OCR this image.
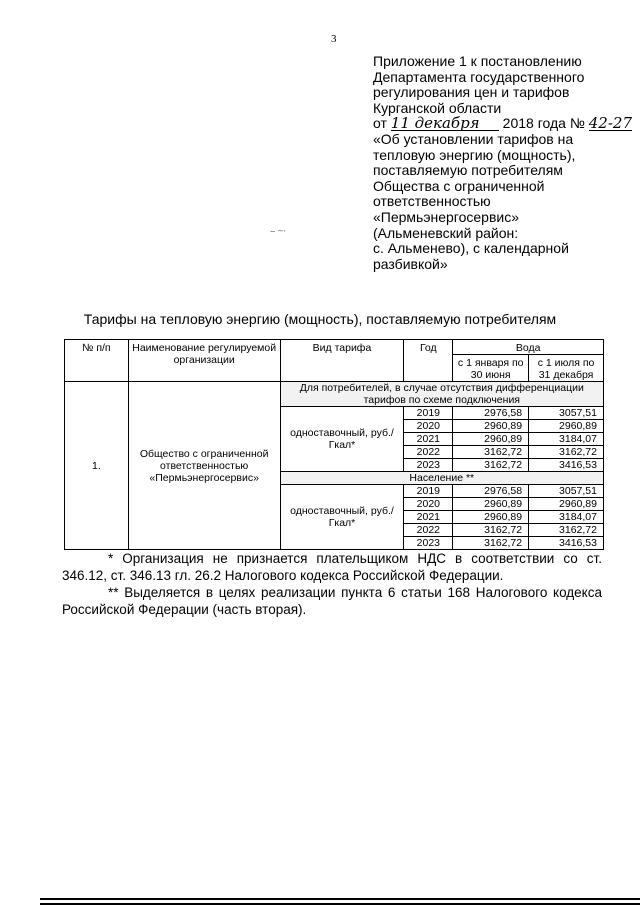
3
Приложение 1 к постановлению
Департамента государственного
регулирования цен и тарифов
Курганской области
от 11 декабря 2018 года № 42-27
«Об установлении тарифов на
тепловую энергию (мощность),
поставляемую потребителям
Общества с ограниченной
ответственностью
«Пермьэнергосервис»
(Альменевский район:
с. Альменево), с календарной
разбивкой»
~ ~·
Тарифы на тепловую энергию (мощность), поставляемую потребителям
№ п/п	Наименование регулируемой организации	Вид тарифа	Год	Вода	
				с 1 января по 30 июня	с 1 июля по 31 декабря
1.	Общество с ограниченной ответственностью «Пермьэнергосервис»	Для потребителей, в случае отсутствия дифференциации тарифов по схеме подключения			
		одноставочный, руб./Гкал*	2019	2976,58	3057,51
			2020	2960,89	2960,89
			2021	2960,89	3184,07
			2022	3162,72	3162,72
			2023	3162,72	3416,53
		Население **			
		одноставочный, руб./Гкал*	2019	2976,58	3057,51
			2020	2960,89	2960,89
			2021	2960,89	3184,07
			2022	3162,72	3162,72
			2023	3162,72	3416,53

* Организация не признается плательщиком НДС в соответствии со ст. 346.12, ст. 346.13 гл. 26.2 Налогового кодекса Российской Федерации.

** Выделяется в целях реализации пункта 6 статьи 168 Налогового кодекса Российской Федерации (часть вторая).
